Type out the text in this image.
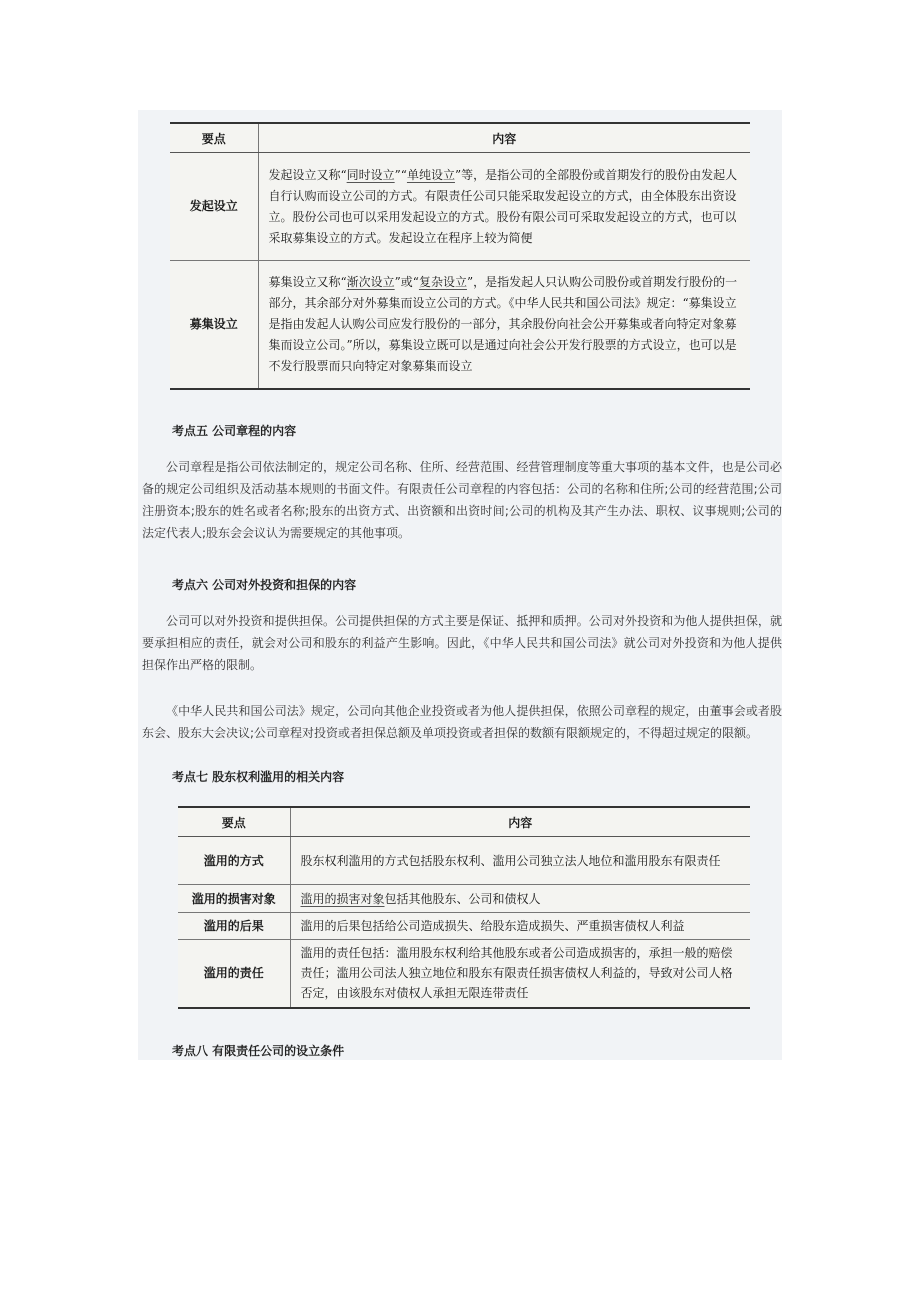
要点	内容
发起设立	发起设立又称“同时设立”“单纯设立”等，是指公司的全部股份或首期发行的股份由发起人自行认购而设立公司的方式。有限责任公司只能采取发起设立的方式，由全体股东出资设立。股份公司也可以采用发起设立的方式。股份有限公司可采取发起设立的方式，也可以采取募集设立的方式。发起设立在程序上较为简便
募集设立	募集设立又称“渐次设立”或“复杂设立”，是指发起人只认购公司股份或首期发行股份的一部分，其余部分对外募集而设立公司的方式。《中华人民共和国公司法》规定：“募集设立是指由发起人认购公司应发行股份的一部分，其余股份向社会公开募集或者向特定对象募集而设立公司。”所以，募集设立既可以是通过向社会公开发行股票的方式设立，也可以是不发行股票而只向特定对象募集而设立
考点五 公司章程的内容
公司章程是指公司依法制定的，规定公司名称、住所、经营范围、经营管理制度等重大事项的基本文件，也是公司必备的规定公司组织及活动基本规则的书面文件。有限责任公司章程的内容包括：公司的名称和住所;公司的经营范围;公司注册资本;股东的姓名或者名称;股东的出资方式、出资额和出资时间;公司的机构及其产生办法、职权、议事规则;公司的法定代表人;股东会会议认为需要规定的其他事项。
考点六 公司对外投资和担保的内容
公司可以对外投资和提供担保。公司提供担保的方式主要是保证、抵押和质押。公司对外投资和为他人提供担保，就要承担相应的责任，就会对公司和股东的利益产生影响。因此，《中华人民共和国公司法》就公司对外投资和为他人提供担保作出严格的限制。
《中华人民共和国公司法》规定，公司向其他企业投资或者为他人提供担保，依照公司章程的规定，由董事会或者股东会、股东大会决议;公司章程对投资或者担保总额及单项投资或者担保的数额有限额规定的，不得超过规定的限额。
考点七 股东权利滥用的相关内容
要点	内容
滥用的方式	股东权利滥用的方式包括股东权利、滥用公司独立法人地位和滥用股东有限责任
滥用的损害对象	滥用的损害对象包括其他股东、公司和债权人
滥用的后果	滥用的后果包括给公司造成损失、给股东造成损失、严重损害债权人利益
滥用的责任	滥用的责任包括：滥用股东权利给其他股东或者公司造成损害的，承担一般的赔偿责任；滥用公司法人独立地位和股东有限责任损害债权人利益的，导致对公司人格否定，由该股东对债权人承担无限连带责任
考点八 有限责任公司的设立条件
